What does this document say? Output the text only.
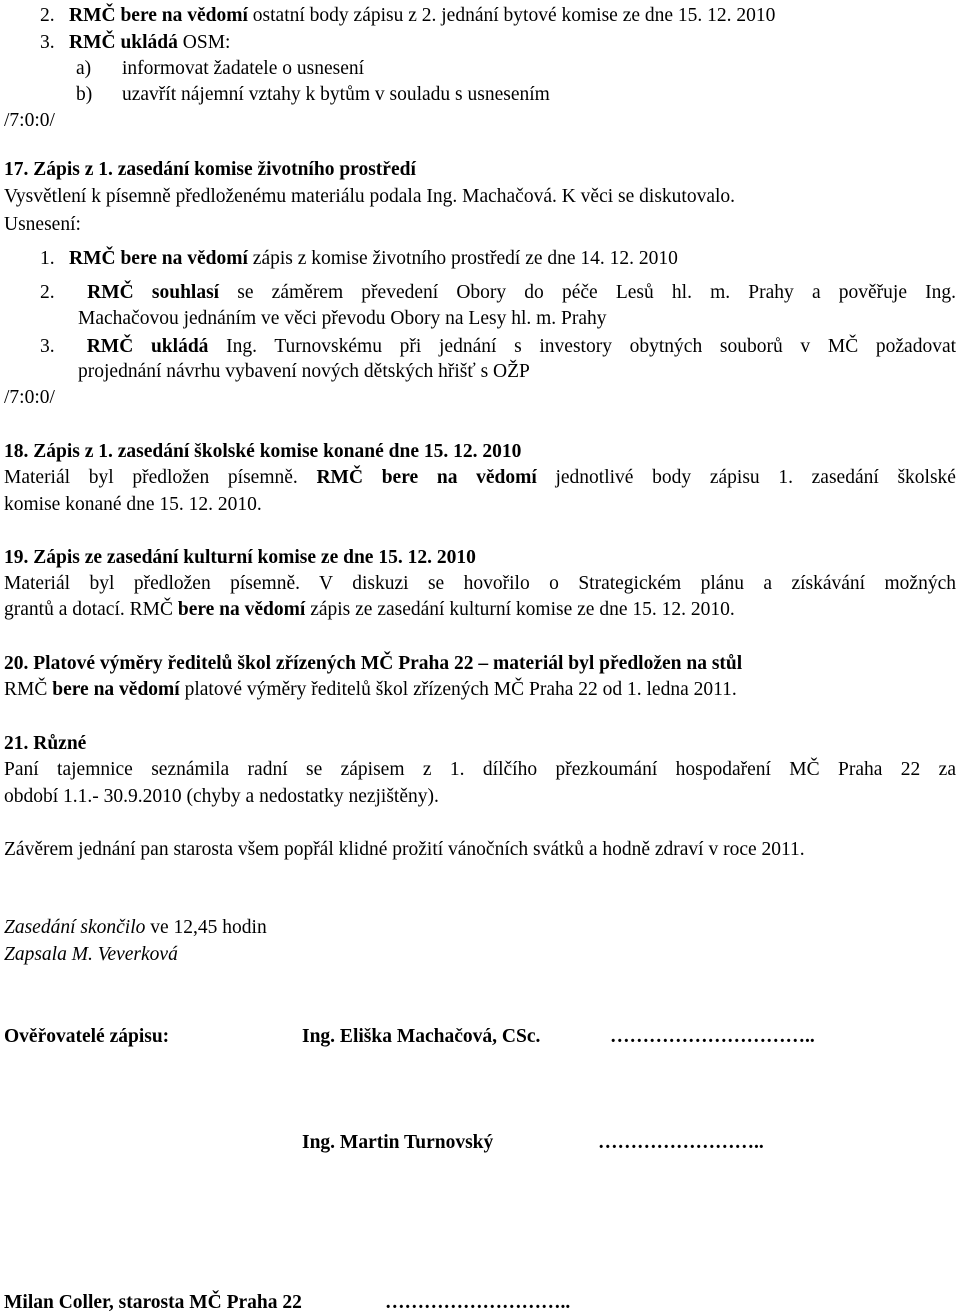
2. RMČ bere na vědomí ostatní body zápisu z 2. jednání bytové komise ze dne 15. 12. 2010
3. RMČ ukládá OSM:
a) informovat žadatele o usnesení
b) uzavřít nájemní vztahy k bytům v souladu s usnesením
/7:0:0/
17. Zápis z 1. zasedání komise životního prostředí
Vysvětlení k písemně předloženému materiálu podala Ing. Machačová. K věci se diskutovalo.
Usnesení:
1. RMČ bere na vědomí zápis z komise životního prostředí ze dne 14. 12. 2010
2. RMČ souhlasí se záměrem převedení Obory do péče Lesů hl. m. Prahy a pověřuje Ing.
Machačovou jednáním ve věci převodu Obory na Lesy hl. m. Prahy
3. RMČ ukládá Ing. Turnovskému při jednání s investory obytných souborů v MČ požadovat
projednání návrhu vybavení nových dětských hřišť s OŽP
/7:0:0/
18. Zápis z 1. zasedání školské komise konané dne 15. 12. 2010
Materiál byl předložen písemně. RMČ bere na vědomí jednotlivé body zápisu 1. zasedání školské
komise konané dne 15. 12. 2010.
19. Zápis ze zasedání kulturní komise ze dne 15. 12. 2010
Materiál byl předložen písemně. V diskuzi se hovořilo o Strategickém plánu a získávání možných
grantů a dotací. RMČ bere na vědomí zápis ze zasedání kulturní komise ze dne 15. 12. 2010.
20. Platové výměry ředitelů škol zřízených MČ Praha 22 – materiál byl předložen na stůl
RMČ bere na vědomí platové výměry ředitelů škol zřízených MČ Praha 22 od 1. ledna 2011.
21. Různé
Paní tajemnice seznámila radní se zápisem z 1. dílčího přezkoumání hospodaření MČ Praha 22 za
období 1.1.- 30.9.2010 (chyby a nedostatky nezjištěny).
Závěrem jednání pan starosta všem popřál klidné prožití vánočních svátků a hodně zdraví v roce 2011.
Zasedání skončilo ve 12,45 hodin
Zapsala M. Veverková
Ověřovatelé zápisu:	Ing. Eliška Machačová, CSc.	…………………………..
Ing. Martin Turnovský	……………………..
Milan Coller, starosta MČ Praha 22	………………………..
